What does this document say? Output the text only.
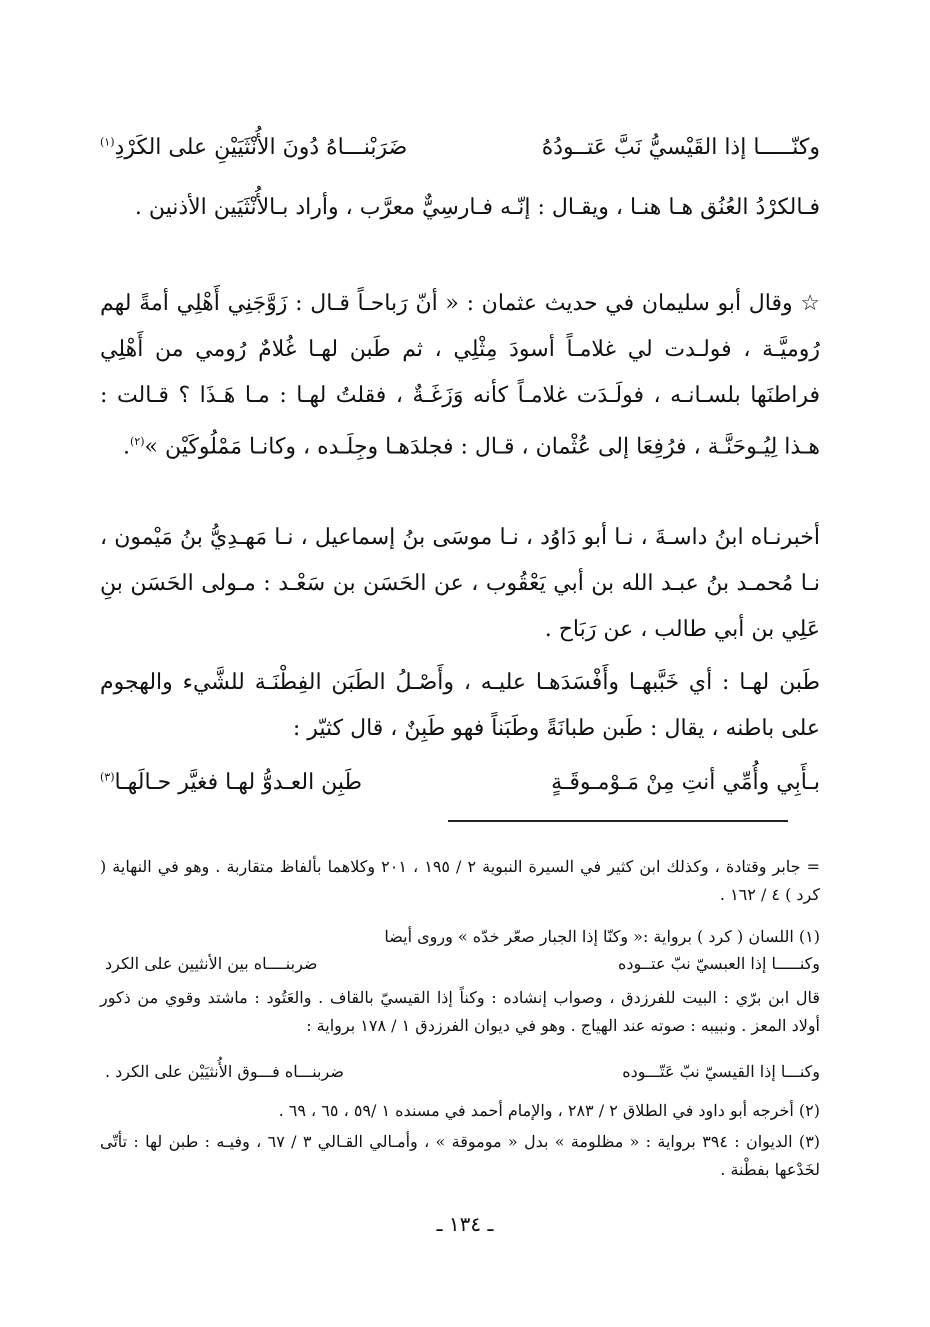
وكنّـــــا إذا القَيْسيُّ نَبَّ عَتــودُهُ
ضَرَبْنـــاهُ دُونَ الأُنْثَيَيْنِ على الكَرْدِ$^{(١)}$
فـالكرْدُ العُنُق هـا هنـا ، ويقـال : إنّـه فـارسِيٌّ معرَّب ، وأراد بـالأُنْثَيَين الأذنين .
☆ وقال أبو سليمان في حديث عثمان : « أنّ رَباحـاً قـال : زَوَّجَنِي أَهْلِي أمةً لهم رُوميَّـة ، فولـدت لي غلامـاً أسودَ مِثْلِي ، ثم طَبن لهـا غُلامٌ رُومي من أَهْلِي فراطنَها بلسـانـه ، فولَـدَت غلامـاً كأنه وَزَغَـةٌ ، فقلتُ لهـا : مـا هَـذَا ؟ قـالت : هـذا لِيُـوحَنَّـة ، فرُفِعَا إلى عُثْمان ، قـال : فجلدَهـا وجِلَـده ، وكانـا مَمْلُوكَيْن »$^{(٢)}$.
أخبرنـاه ابنُ داسـةَ ، نـا أبو دَاوُد ، نـا موسَى بنُ إسماعيل ، نـا مَهـدِيُّ بنُ مَيْمون ، نـا مُحمـد بنُ عبـد الله بن أبي يَعْقُوب ، عن الحَسَن بن سَعْـد : مـولى الحَسَن بنِ عَلِي بن أبي طالب ، عن رَبَاح .
طَبن لهـا : أي خَبَّبهـا وأَفْسَدَهـا عليـه ، وأَصْـلُ الطَبَن الفِطْنَـة للشَّيء والهجوم على باطنه ، يقال : طَبن طبانَةً وطَبَناً فهو طَبِنٌ ، قال كثيّر :
بـأَبِي وأُمِّي أنتِ مِنْ مَـوْمـوقَـةٍ
طَبِن العـدوُّ لهـا فغيَّر حـالَهـا$^{(٣)}$
= جابر وقتادة ، وكذلك ابن كثير في السيرة النبوية ٢ / ١٩٥ ، ٢٠١ وكلاهما بألفاظ متقاربة . وهو في النهاية ( كرد ) ٤ / ١٦٢ .
(١) اللسان ( كرد ) برواية :« وكنّا إذا الجبار صعّر خدّه » وروى أيضا
وكنـــــا إذا العبسيّ نبّ عتــوده
ضربنــــاه بين الأنثيين على الكرد
قال ابن برّي : البيت للفرزدق ، وصواب إنشاده : وكناً إذا القيسيّ بالقاف . والعَتُود : ماشتد وقوي من ذكور أولاد المعز . ونبيبه : صوته عند الهياج . وهو في ديوان الفرزدق ١ / ١٧٨ برواية :
وكنـــا إذا القيسيّ نبّ عَتّـــوده
ضربنـــاه فـــوق الأُنثيَيْن على الكرد .
(٢) أخرجه أبو داود في الطلاق ٢ / ٢٨٣ ، والإمام أحمد في مسنده ١ /٥٩ ، ٦٥ ، ٦٩ .
(٣) الديوان : ٣٩٤ برواية : « مظلومة » بدل « موموقة » ، وأمـالي القـالي ٣ / ٦٧ ، وفيـه : طبن لها : تأتّى لخَدْعها بفطْنة .
ـ ١٣٤ ـ
